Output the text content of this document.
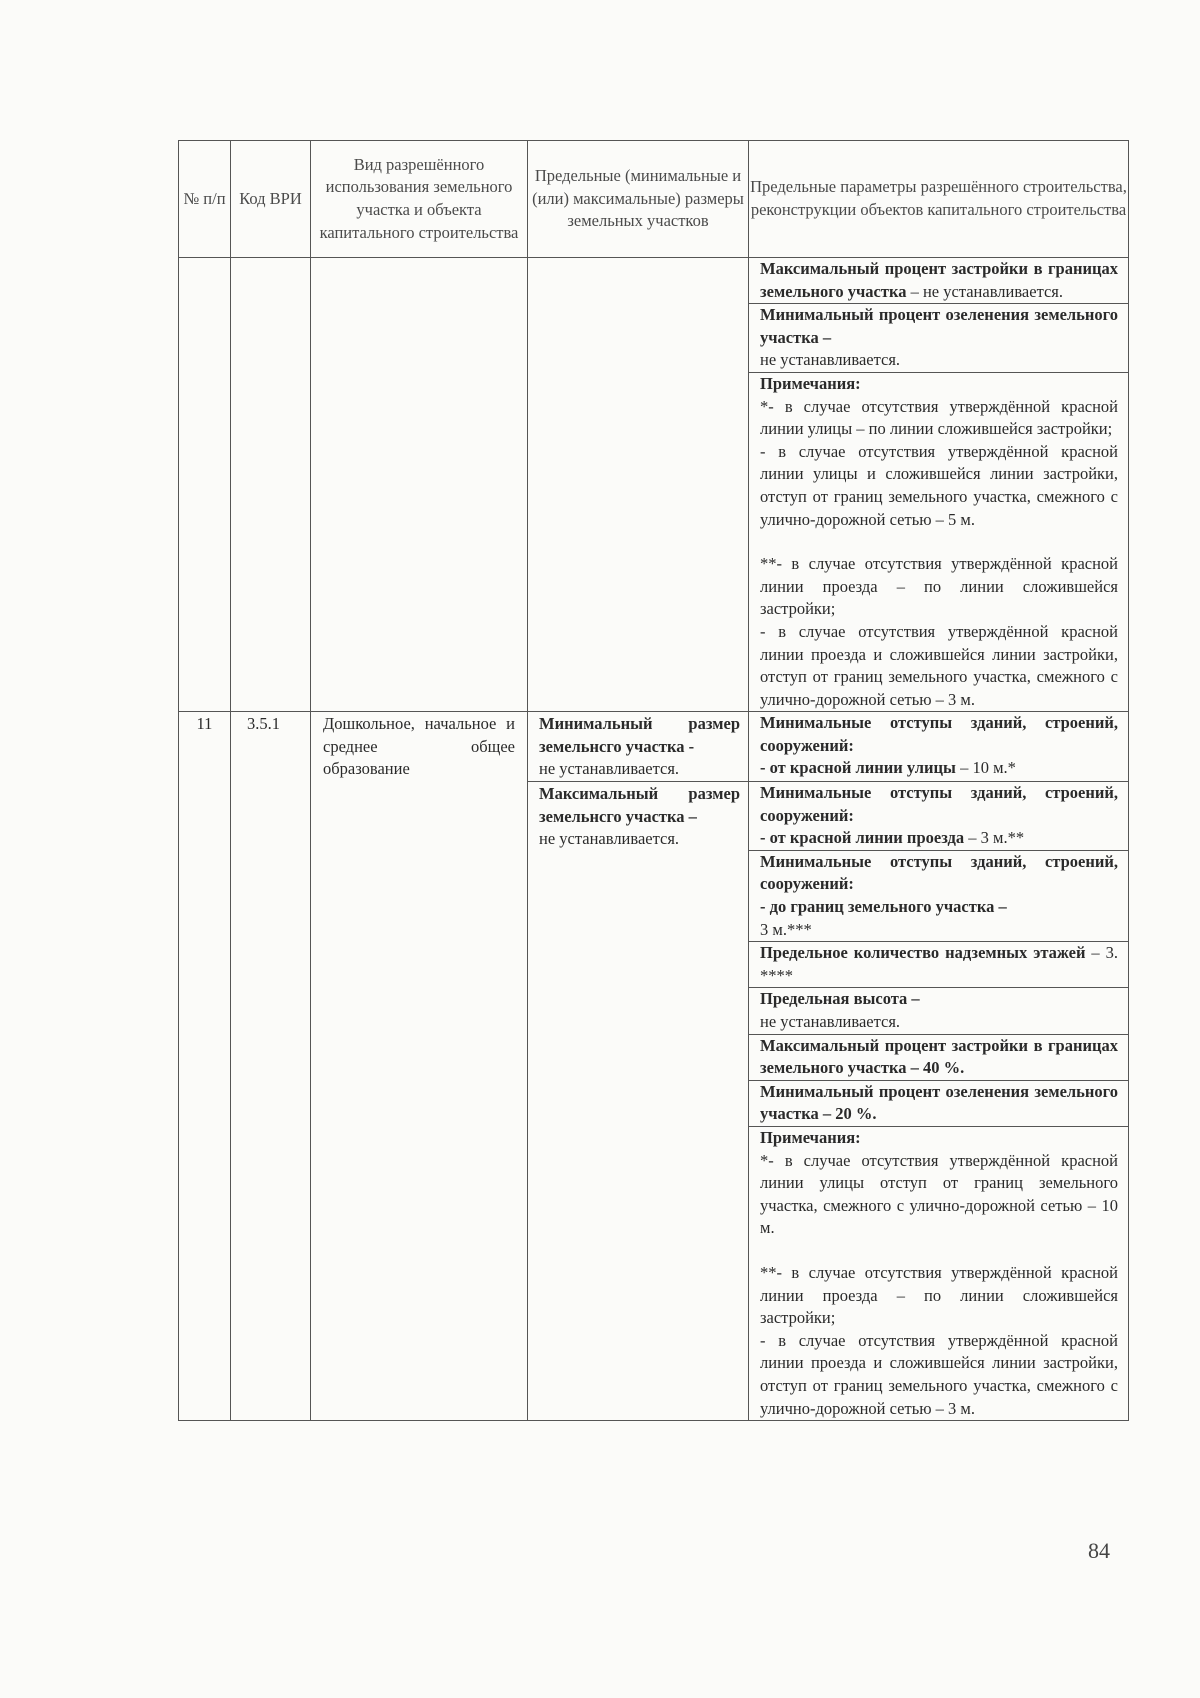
№ п/п	Код ВРИ	Вид разрешённого использования земельного участка и объекта капитального строительства	Предельные (минимальные и (или) максимальные) размеры земельных участков	Предельные параметры разрешённого строительства, реконструкции объектов капитального строительства
				Максимальный процент застройки в границах земельного участка – не устанавливается.
				Минимальный процент озеленения земельного участка –
не устанавливается.

				Примечания:
*- в случае отсутствия утверждённой красной линии улицы – по линии сложившейся застройки;
- в случае отсутствия утверждённой красной линии улицы и сложившейся линии застройки, отступ от границ земельного участка, смежного с улично-дорожной сетью – 5 м.
**- в случае отсутствия утверждённой красной линии проезда – по линии сложившейся застройки;
- в случае отсутствия утверждённой красной линии проезда и сложившейся линии застройки, отступ от границ земельного участка, смежного с улично-дорожной сетью – 3 м.

11	3.5.1	Дошкольное, начальное и среднее общее образование	Минимальный размер земельнсго участка -
не устанавливается.	Минимальные отступы зданий, строений, сооружений:
- от красной линии улицы – 10 м.*
			Максимальный размер земельнсго участка –
не устанавливается.	Минимальные отступы зданий, строений, сооружений:
- от красной линии проезда – 3 м.**
				Минимальные отступы зданий, строений, сооружений:
- до границ земельного участка –
3 м.***
				Предельное количество надземных этажей – 3. ****
				Предельная высота –
не устанавливается.
				Максимальный процент застройки в границах земельного участка – 40 %.
				Минимальный процент озеленения земельного участка – 20 %.

				Примечания:
*- в случае отсутствия утверждённой красной линии улицы отступ от границ земельного участка, смежного с улично-дорожной сетью – 10 м.
**- в случае отсутствия утверждённой красной линии проезда – по линии сложившейся застройки;
- в случае отсутствия утверждённой красной линии проезда и сложившейся линии застройки, отступ от границ земельного участка, смежного с улично-дорожной сетью – 3 м.
84
